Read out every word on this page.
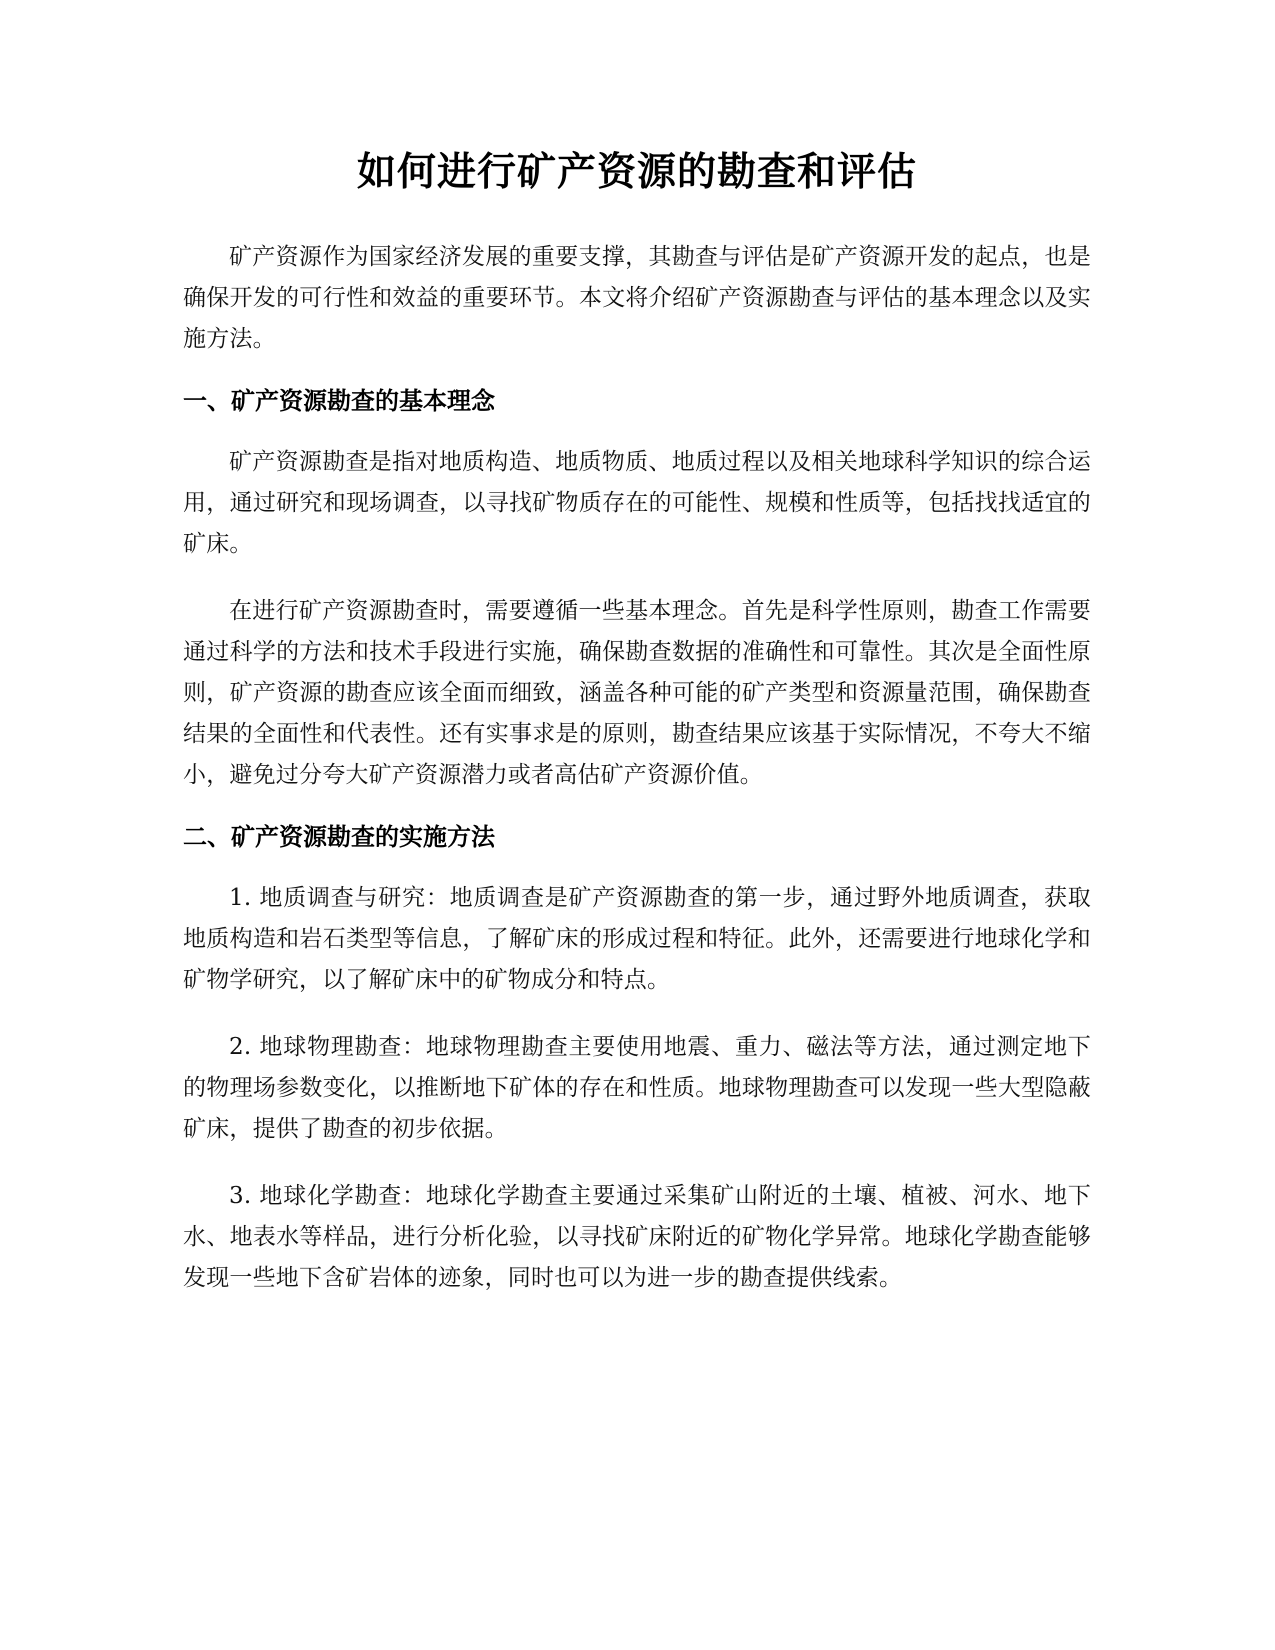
如何进行矿产资源的勘查和评估

矿产资源作为国家经济发展的重要支撑，其勘查与评估是矿产资源开发的起点，也是确保开发的可行性和效益的重要环节。本文将介绍矿产资源勘查与评估的基本理念以及实施方法。

一、矿产资源勘查的基本理念

矿产资源勘查是指对地质构造、地质物质、地质过程以及相关地球科学知识的综合运用，通过研究和现场调查，以寻找矿物质存在的可能性、规模和性质等，包括找找适宜的矿床。

在进行矿产资源勘查时，需要遵循一些基本理念。首先是科学性原则，勘查工作需要通过科学的方法和技术手段进行实施，确保勘查数据的准确性和可靠性。其次是全面性原则，矿产资源的勘查应该全面而细致，涵盖各种可能的矿产类型和资源量范围，确保勘查结果的全面性和代表性。还有实事求是的原则，勘查结果应该基于实际情况，不夸大不缩小，避免过分夸大矿产资源潜力或者高估矿产资源价值。

二、矿产资源勘查的实施方法

1. 地质调查与研究：地质调查是矿产资源勘查的第一步，通过野外地质调查，获取地质构造和岩石类型等信息，了解矿床的形成过程和特征。此外，还需要进行地球化学和矿物学研究，以了解矿床中的矿物成分和特点。

2. 地球物理勘查：地球物理勘查主要使用地震、重力、磁法等方法，通过测定地下的物理场参数变化，以推断地下矿体的存在和性质。地球物理勘查可以发现一些大型隐蔽矿床，提供了勘查的初步依据。

3. 地球化学勘查：地球化学勘查主要通过采集矿山附近的土壤、植被、河水、地下水、地表水等样品，进行分析化验，以寻找矿床附近的矿物化学异常。地球化学勘查能够发现一些地下含矿岩体的迹象，同时也可以为进一步的勘查提供线索。
